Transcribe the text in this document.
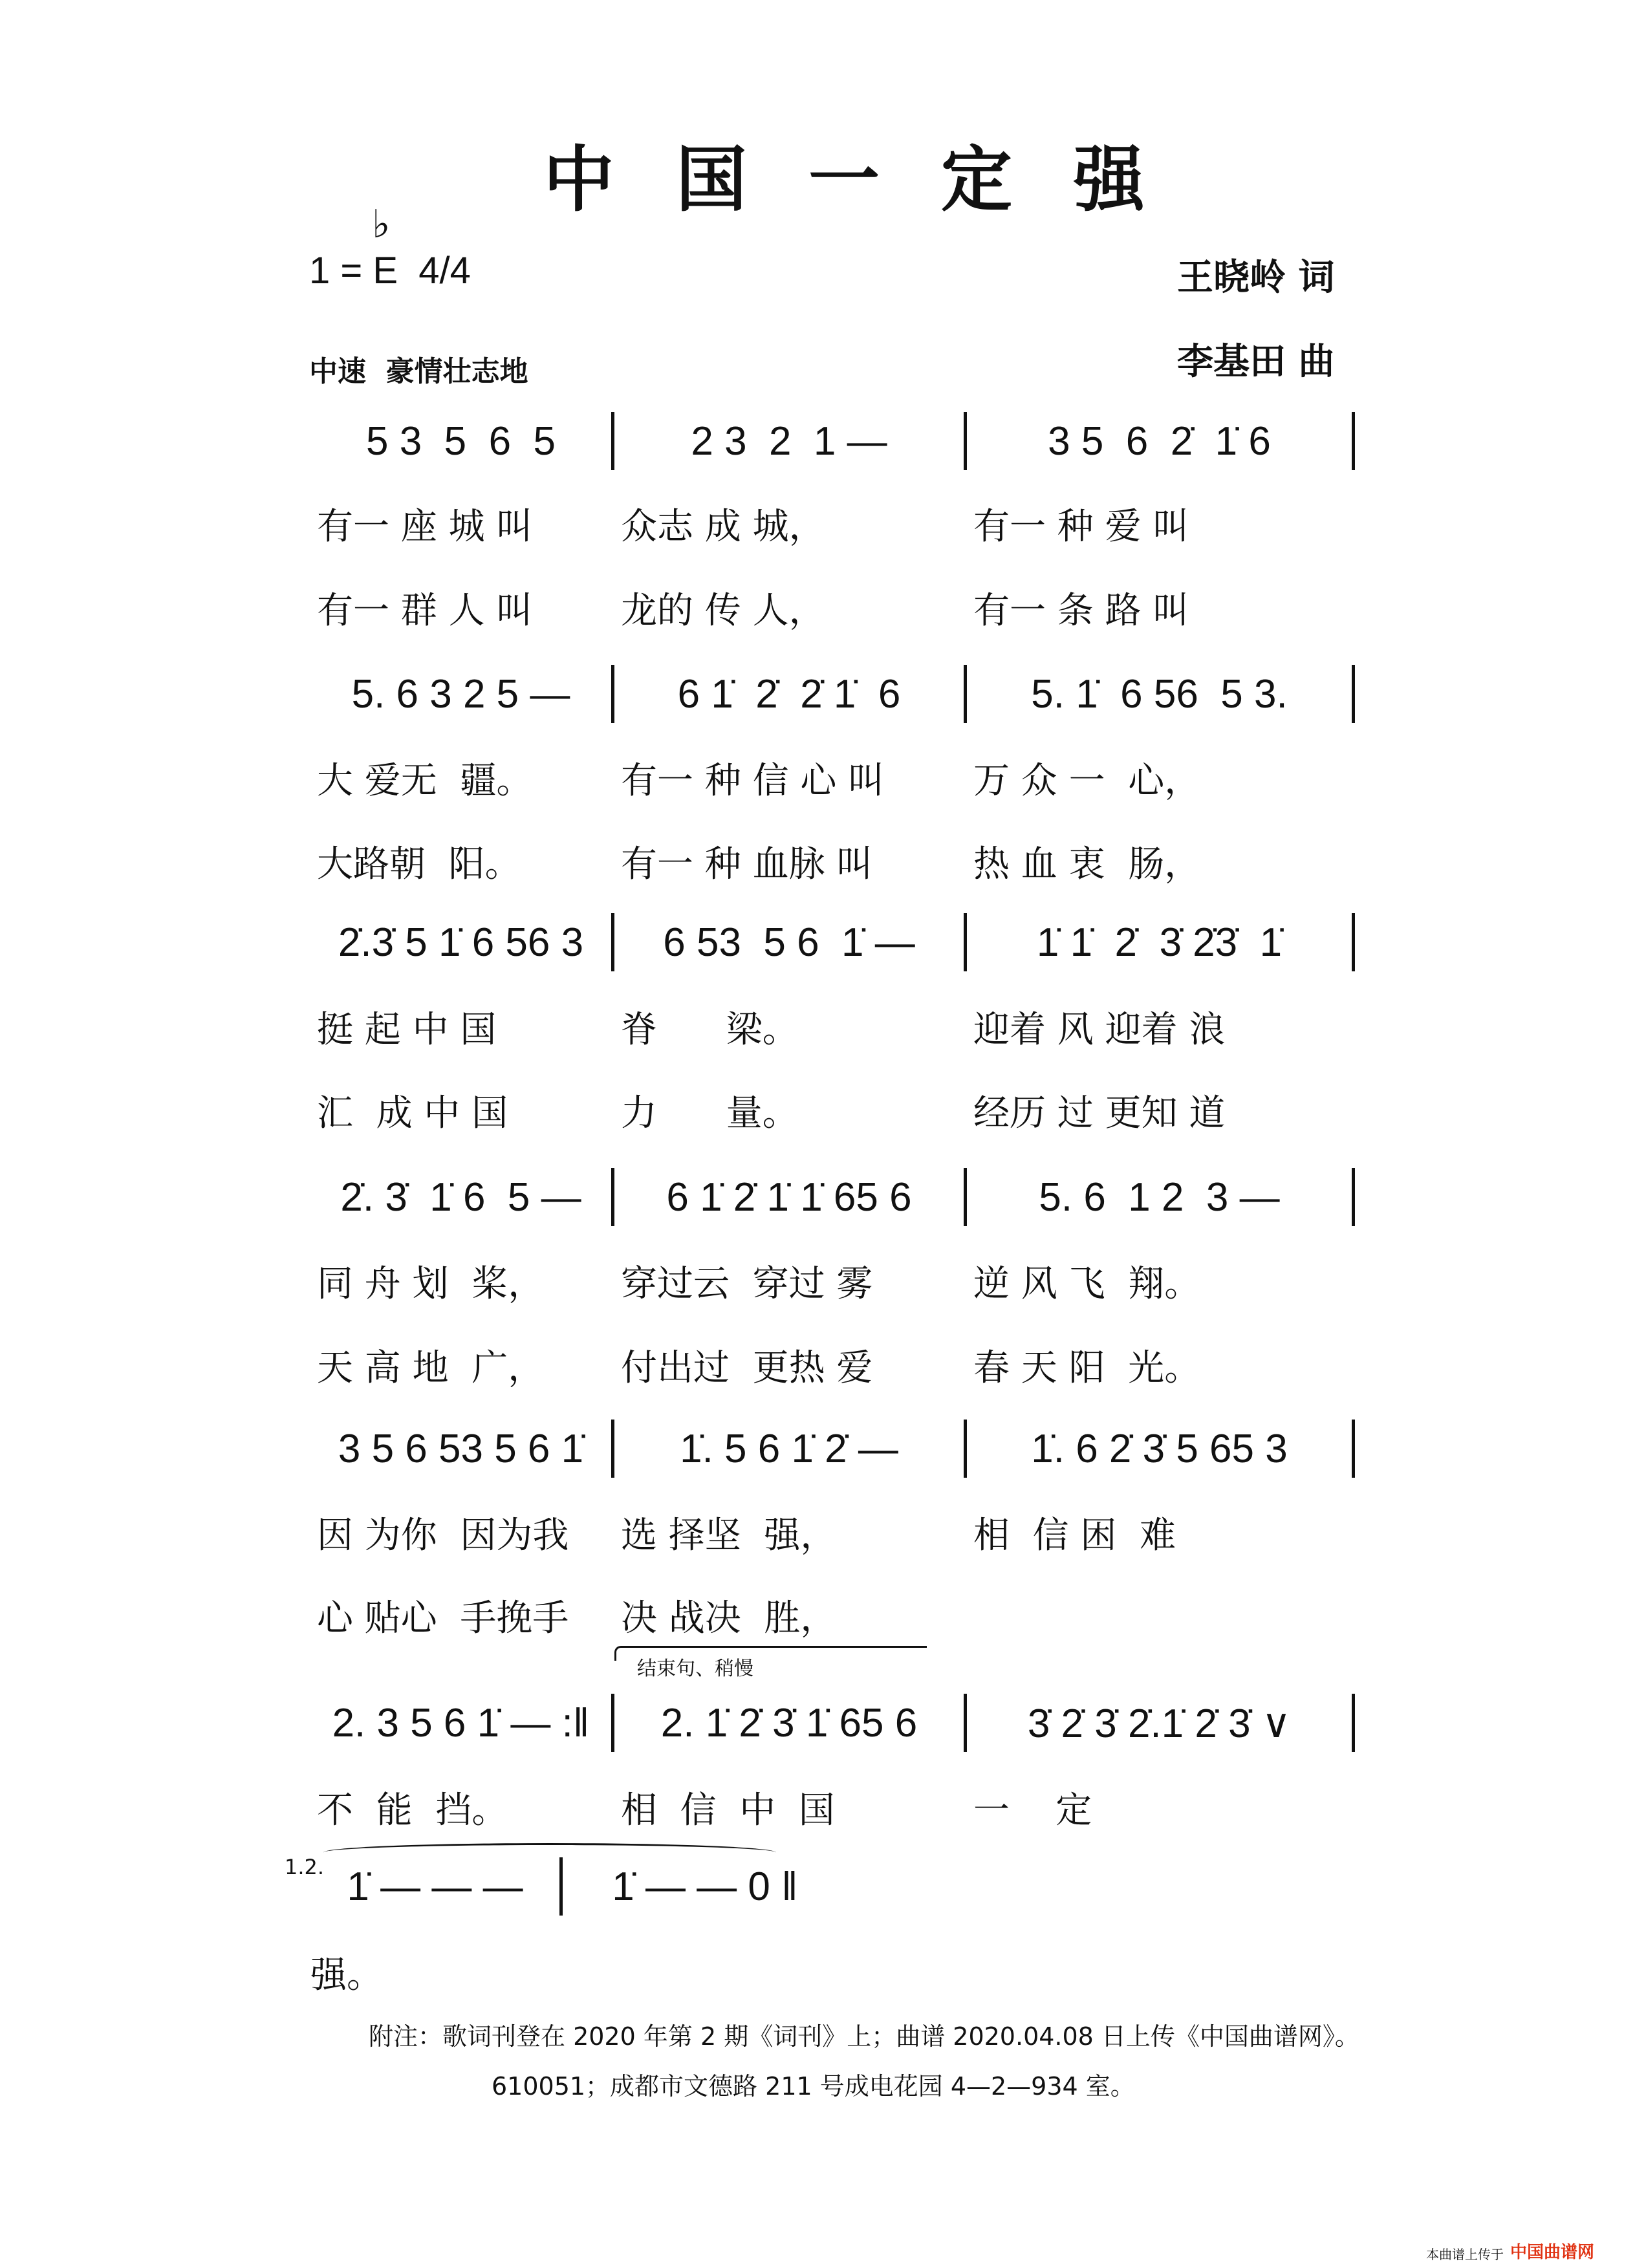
中国一定强
1 = E  4/4
♭
王晓岭 词
李基田 曲
中速  豪情壮志地
5 3  5  6  5	2 3  2  1 —	3 5  6  2̇  1̇ 6
有一 座 城 叫	众志 成 城，	有一 种 爱 叫
有一 群 人 叫	龙的 传 人，	有一 条 路 叫
5. 6 3 2 5 —	6 1̇  2̇  2̇ 1̇  6	5. 1̇  6 56  5 3.
大 爱无  疆。	有一 种 信 心 叫	万 众 一  心，
大路朝  阳。	有一 种 血脉 叫	热 血 衷  肠，
2̇.3̇ 5 1̇ 6 56 3	6 53  5 6  1̇ —	1̇ 1̇  2̇  3̇ 2̇3̇  1̇
挺 起 中 国	脊      梁。	迎着 风 迎着 浪
汇  成 中 国	力      量。	经历 过 更知 道
2̇. 3̇  1̇ 6  5 —	6 1̇ 2̇ 1̇ 1̇ 65 6	5. 6  1 2  3 —
同 舟 划  桨，	穿过云  穿过 雾	逆 风 飞  翔。
天 高 地  广，	付出过  更热 爱	春 天 阳  光。
3 5 6 53 5 6 1̇	1̇. 5 6 1̇ 2̇ —	1̇. 6 2̇ 3̇ 5 65 3
因 为你  因为我	选 择坚  强，	相  信 困  难
心 贴心  手挽手	决 战决  胜，
2. 3 5 6 1̇ — :‖	2. 1̇ 2̇ 3̇ 1̇ 65 6	3̇ 2̇ 3̇ 2̇.1̇ 2̇ 3̇ ∨
不  能  挡。	相  信  中  国	一    定
结束句、稍慢
1.2. 1̇ — — —	1̇ — — 0 ‖
强。
附注：歌词刊登在 2020 年第 2 期《词刊》上；曲谱 2020.04.08 日上传《中国曲谱网》。
610051；成都市文德路 211 号成电花园 4—2—934 室。
本曲谱上传于 中国曲谱网
